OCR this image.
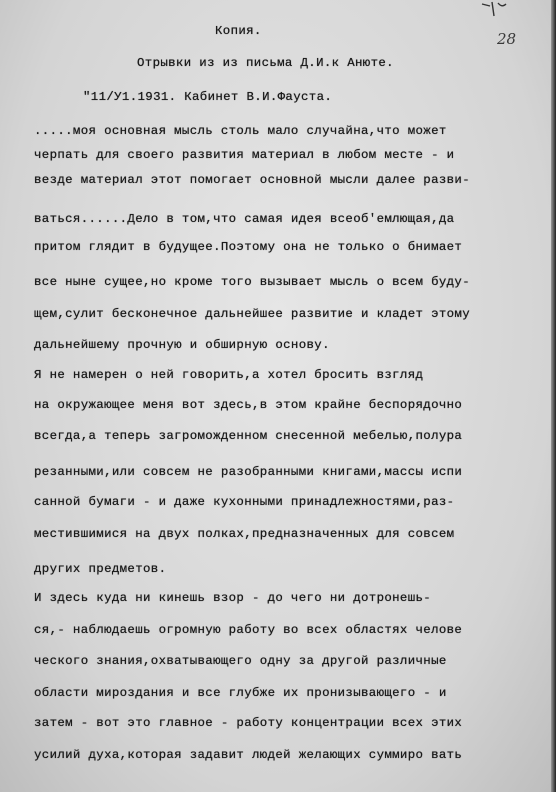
28
Копия.
Отрывки из из письма Д.И.к Анюте.
"11/У1.1931. Кабинет В.И.Фауста.
.....моя основная мысль столь мало случайна,что может
черпать для своего развития материал в любом месте - и
везде материал этот помогает основной мысли далее разви-
ваться......Дело в том,что самая идея всеоб'емлющая,да
притом глядит в будущее.Поэтому она не только о бнимает
все ныне сущее,но кроме того вызывает мысль о всем буду-
щем,сулит бесконечное дальнейшее развитие и кладет этому
дальнейшему прочную и обширную основу.
Я не намерен о ней говорить,а хотел бросить взгляд
на окружающее меня вот здесь,в этом крайне беспорядочно
всегда,а теперь загроможденном снесенной мебелью,полура
резанными,или совсем не разобранными книгами,массы испи
санной бумаги - и даже кухонными принадлежностями,раз-
местившимися на двух полках,предназначенных для совсем
других предметов.
И здесь куда ни кинешь взор - до чего ни дотронешь-
ся,- наблюдаешь огромную работу во всех областях челове
ческого знания,охватывающего одну за другой различные
области мироздания и все глубже их пронизывающего - и
затем - вот это главное - работу концентрации всех этих
усилий духа,которая задавит людей желающих суммиро вать
